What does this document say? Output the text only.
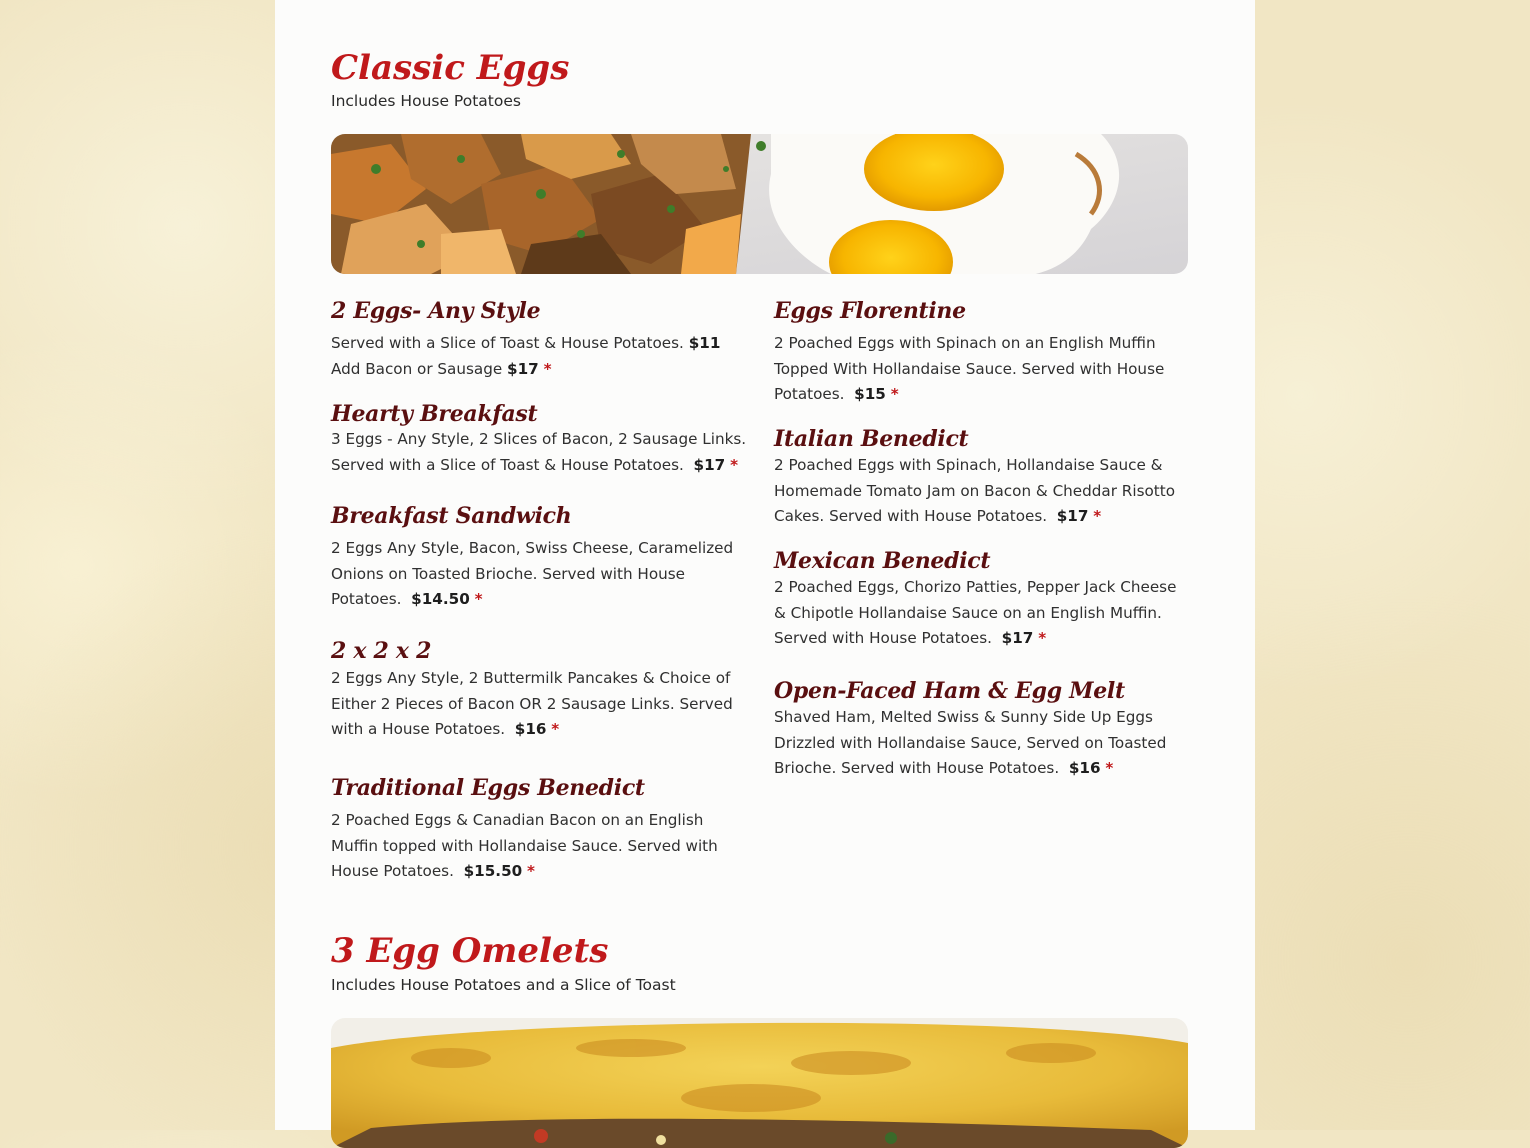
Classic Eggs
Includes House Potatoes
2 Eggs- Any Style

Served with a Slice of Toast & House Potatoes. $11
Add Bacon or Sausage $17 *

Hearty Breakfast

3 Eggs - Any Style, 2 Slices of Bacon, 2 Sausage Links. Served with a Slice of Toast & House Potatoes. $17 *

Breakfast Sandwich

2 Eggs Any Style, Bacon, Swiss Cheese, Caramelized Onions on Toasted Brioche. Served with House Potatoes. $14.50 *

2 x 2 x 2

2 Eggs Any Style, 2 Buttermilk Pancakes & Choice of Either 2 Pieces of Bacon OR 2 Sausage Links. Served with a House Potatoes. $16 *

Traditional Eggs Benedict

2 Poached Eggs & Canadian Bacon on an English Muffin topped with Hollandaise Sauce. Served with House Potatoes. $15.50 *

Eggs Florentine

2 Poached Eggs with Spinach on an English Muffin Topped With Hollandaise Sauce. Served with House Potatoes. $15 *

Italian Benedict

2 Poached Eggs with Spinach, Hollandaise Sauce & Homemade Tomato Jam on Bacon & Cheddar Risotto Cakes. Served with House Potatoes. $17 *

Mexican Benedict

2 Poached Eggs, Chorizo Patties, Pepper Jack Cheese & Chipotle Hollandaise Sauce on an English Muffin. Served with House Potatoes. $17 *

Open-Faced Ham & Egg Melt

Shaved Ham, Melted Swiss & Sunny Side Up Eggs Drizzled with Hollandaise Sauce, Served on Toasted Brioche. Served with House Potatoes. $16 *

3 Egg Omelets
Includes House Potatoes and a Slice of Toast
